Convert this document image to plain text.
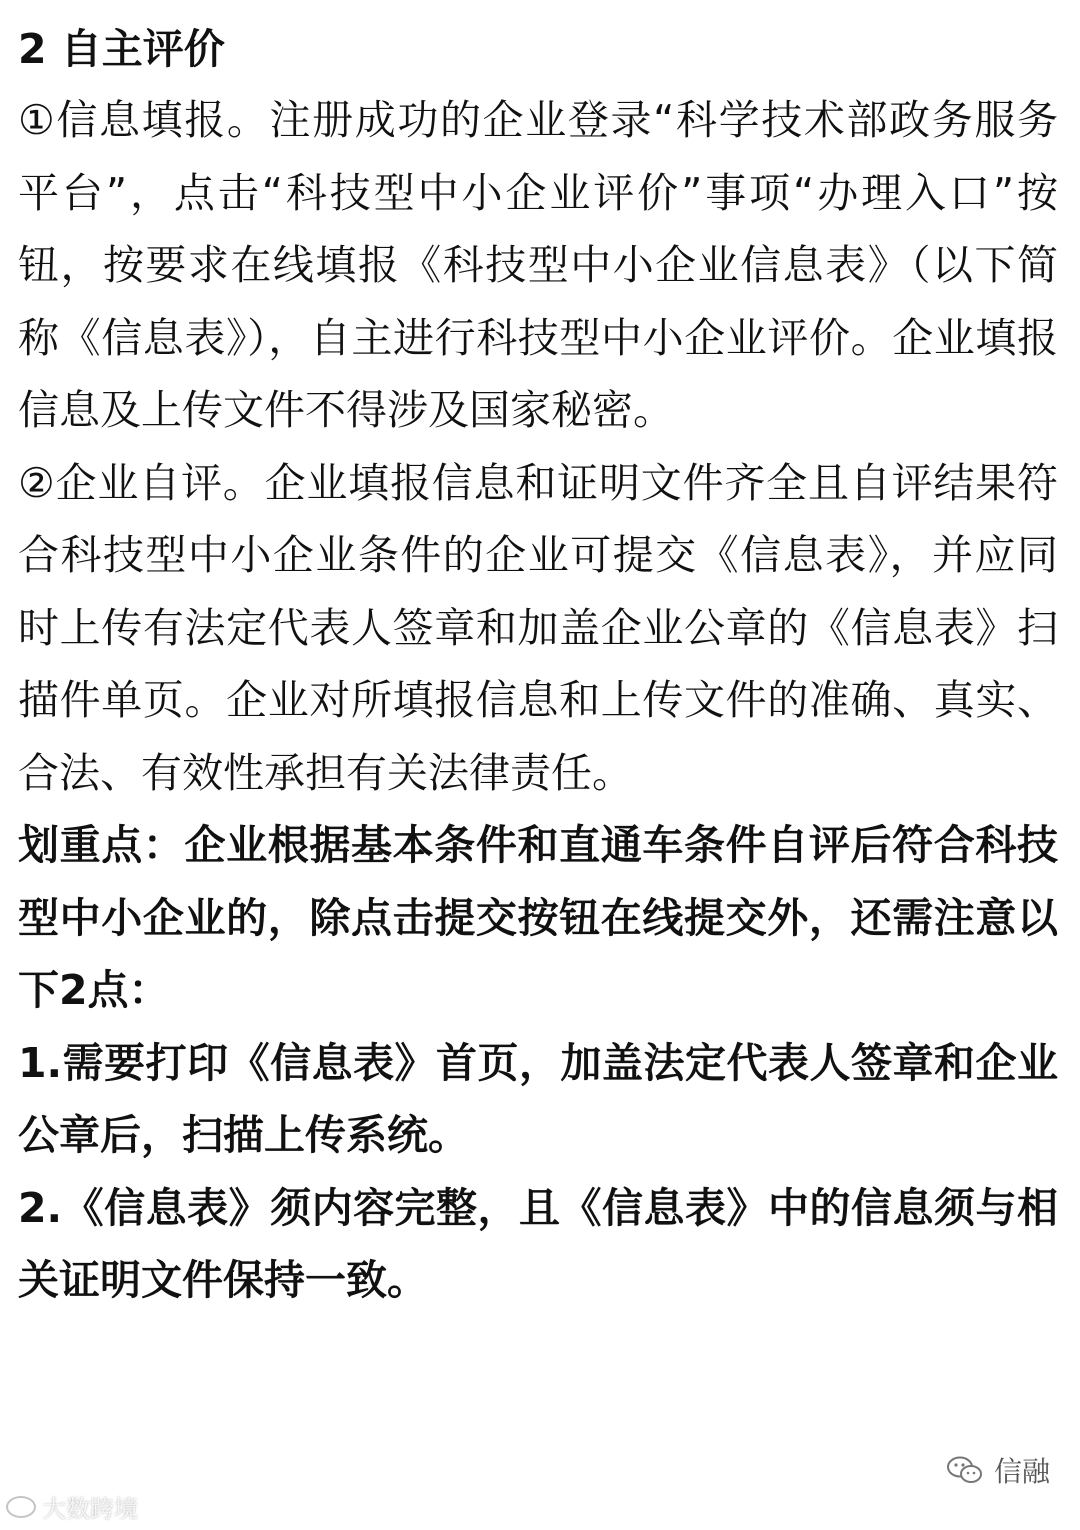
2 自主评价

①信息填报。注册成功的企业登录“科学技术部政务服务平台”，点击“科技型中小企业评价”事项“办理入口”按钮，按要求在线填报《科技型中小企业信息表》（以下简称《信息表》），自主进行科技型中小企业评价。企业填报信息及上传文件不得涉及国家秘密。

②企业自评。企业填报信息和证明文件齐全且自评结果符合科技型中小企业条件的企业可提交《信息表》，并应同时上传有法定代表人签章和加盖企业公章的《信息表》扫描件单页。企业对所填报信息和上传文件的准确、真实、合法、有效性承担有关法律责任。

划重点：企业根据基本条件和直通车条件自评后符合科技型中小企业的，除点击提交按钮在线提交外，还需注意以下2点：

1.需要打印《信息表》首页，加盖法定代表人签章和企业公章后，扫描上传系统。

2.《信息表》须内容完整，且《信息表》中的信息须与相关证明文件保持一致。

大数跨境
信融
